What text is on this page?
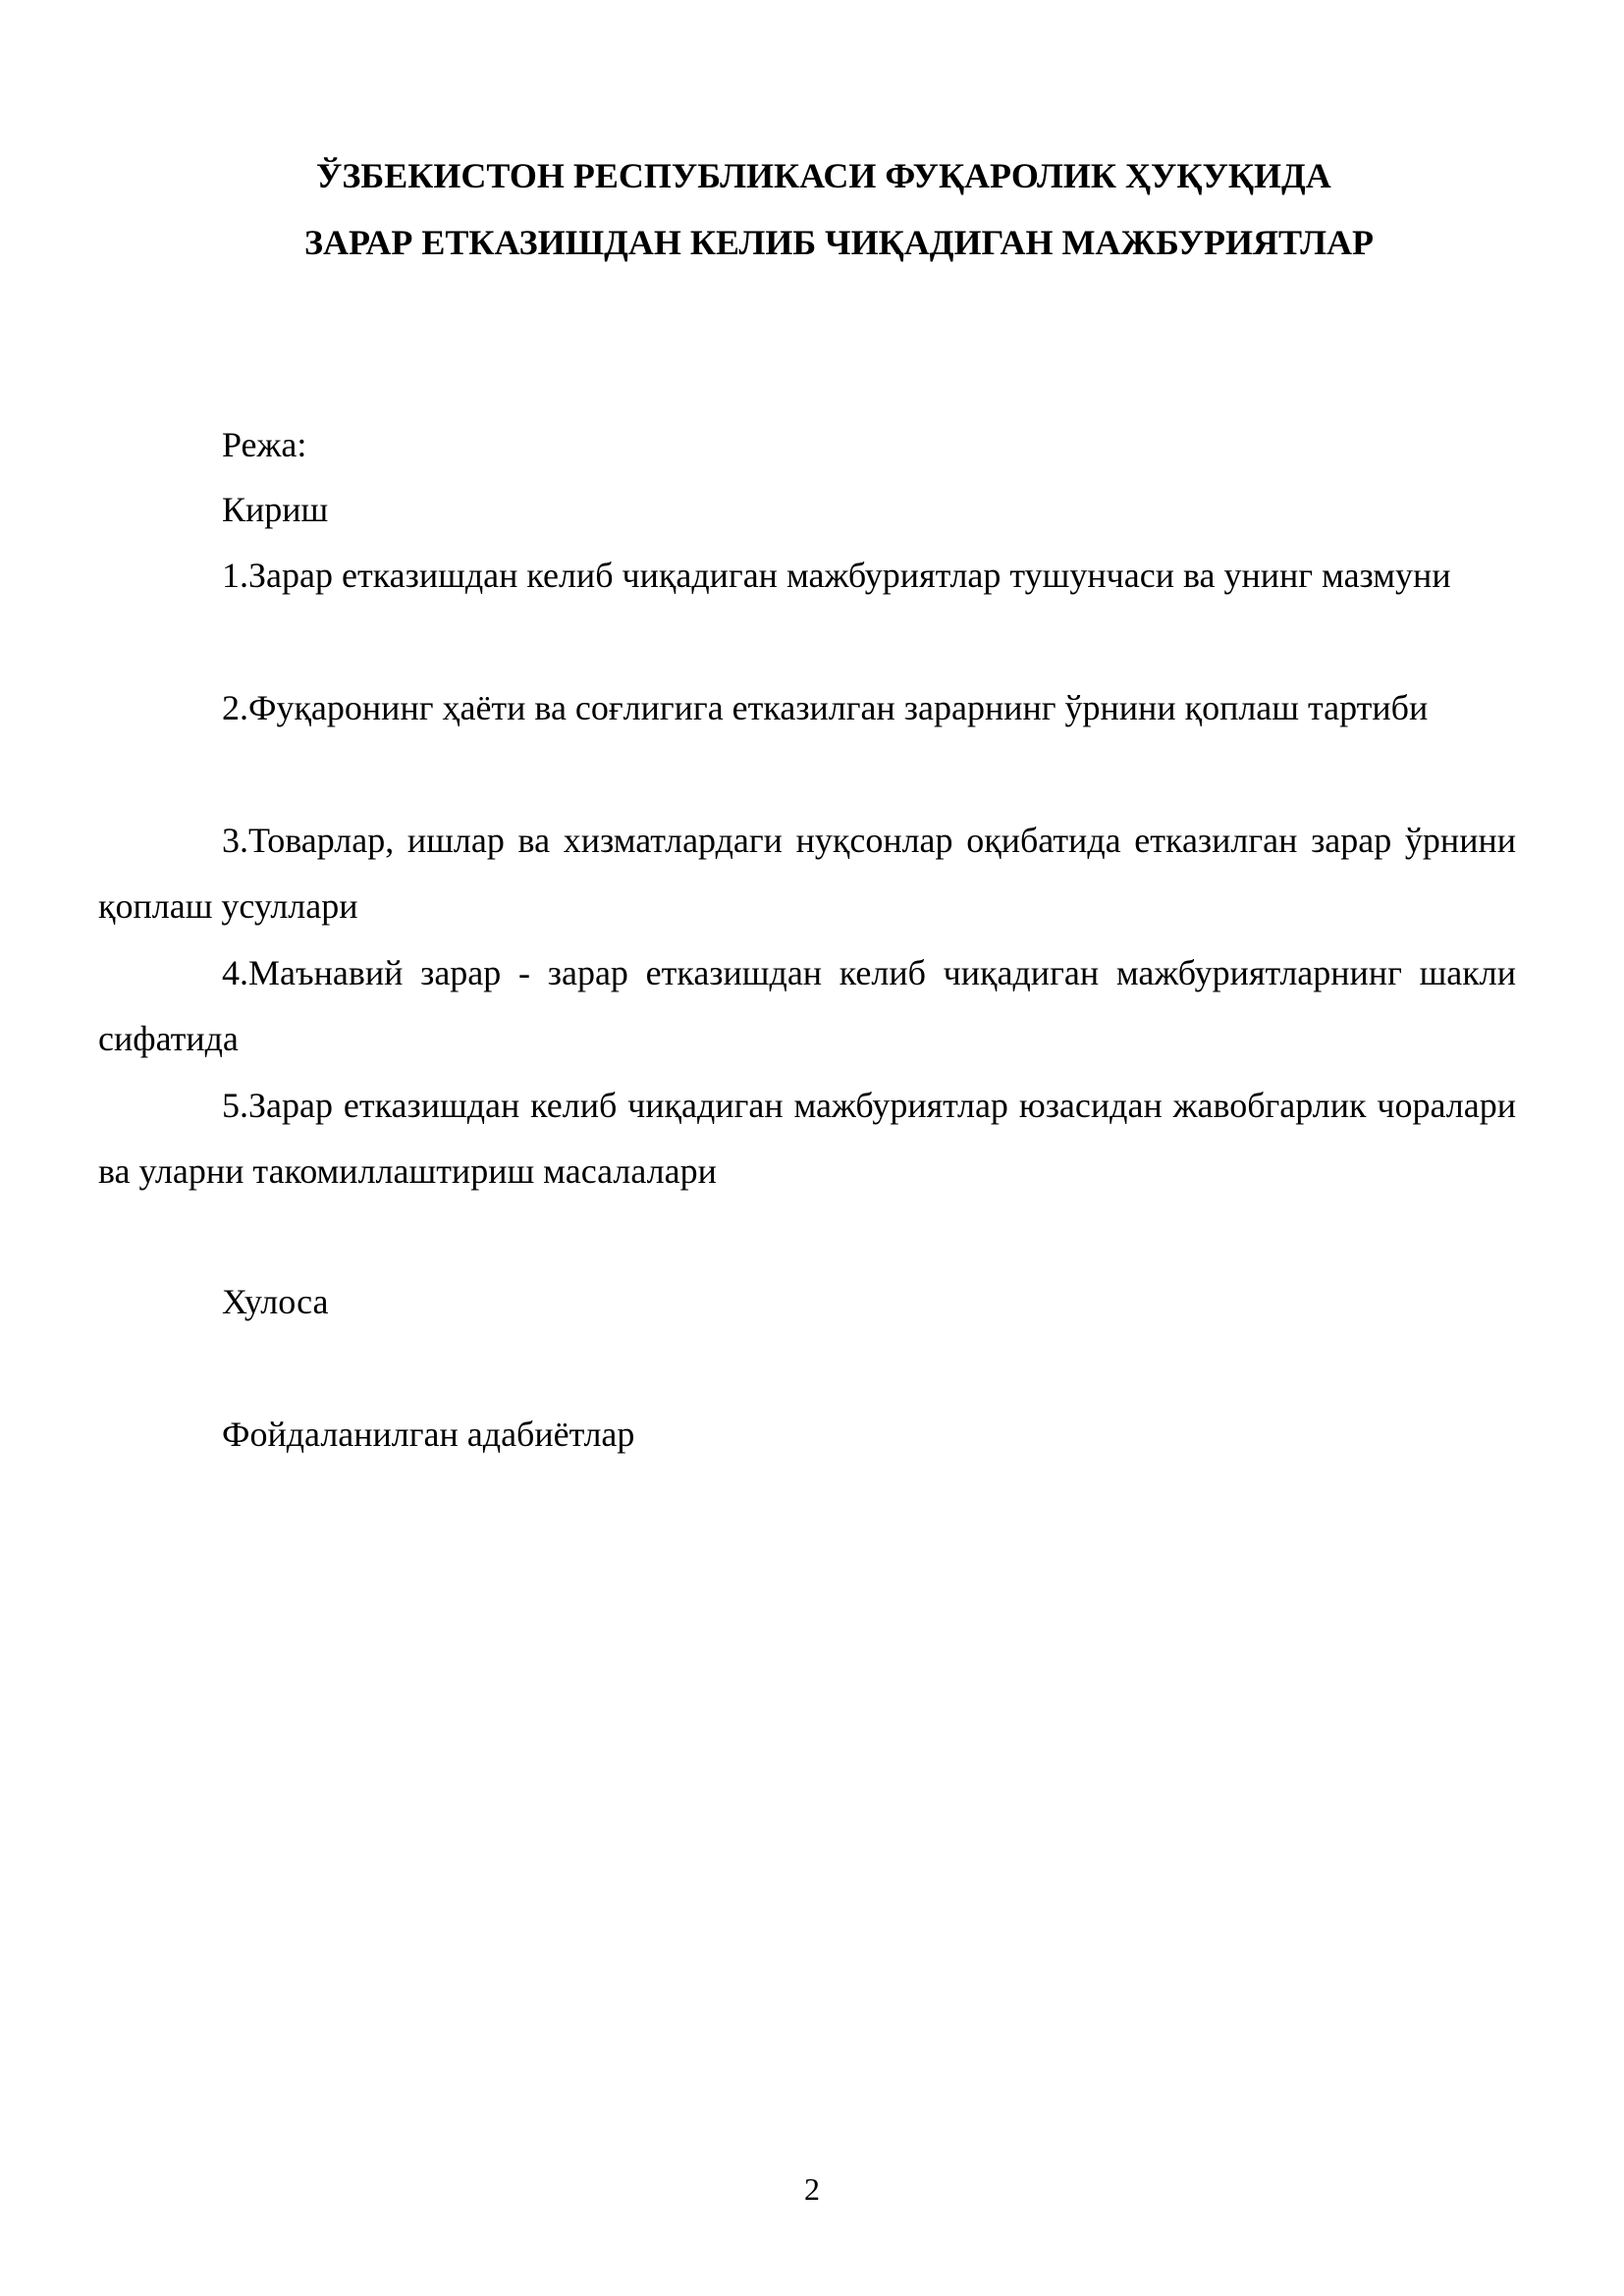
ЎЗБЕКИСТОН РЕСПУБЛИКАСИ ФУҚАРОЛИК ҲУҚУҚИДА

ЗАРАР ЕТКАЗИШДАН КЕЛИБ ЧИҚАДИГАН МАЖБУРИЯТЛАР

Режа:

Кириш

1.Зарар етказишдан келиб чиқадиган мажбуриятлар тушунчаси ва унинг мазмуни

2.Фуқаронинг ҳаёти ва соғлигига етказилган зарарнинг ўрнини қоплаш тартиби

3.Товарлар, ишлар ва хизматлардаги нуқсонлар оқибатида етказилган зарар ўрнини қоплаш усуллари

4.Маънавий зарар - зарар етказишдан келиб чиқадиган мажбуриятларнинг шакли сифатида

5.Зарар етказишдан келиб чиқадиган мажбуриятлар юзасидан жавобгарлик чоралари ва уларни такомиллаштириш масалалари

Хулоса

Фойдаланилган адабиётлар

2
